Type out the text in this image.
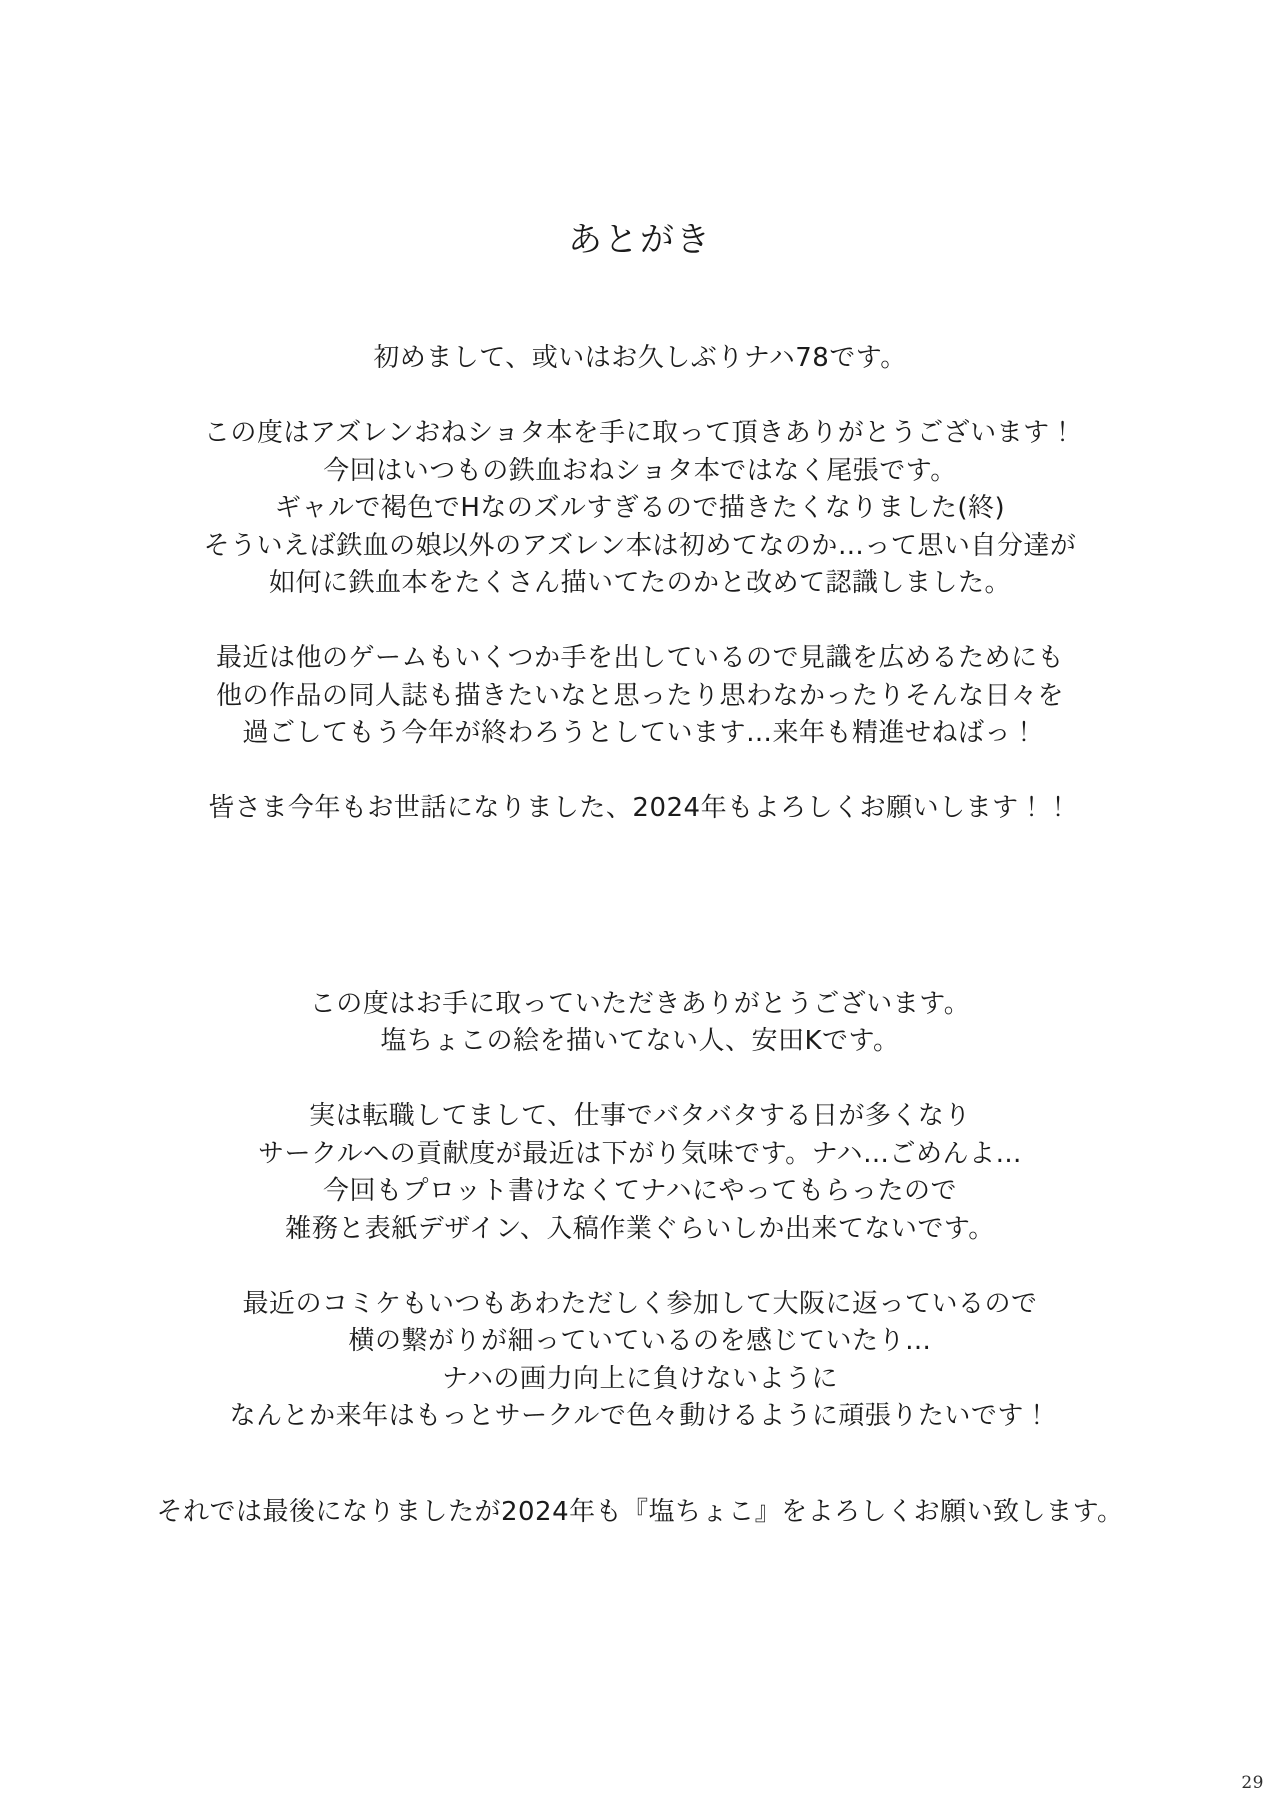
あとがき

初めまして、或いはお久しぶりナハ78です。

この度はアズレンおねショタ本を手に取って頂きありがとうございます！
今回はいつもの鉄血おねショタ本ではなく尾張です。
ギャルで褐色でHなのズルすぎるので描きたくなりました(終)
そういえば鉄血の娘以外のアズレン本は初めてなのか…って思い自分達が
如何に鉄血本をたくさん描いてたのかと改めて認識しました。

最近は他のゲームもいくつか手を出しているので見識を広めるためにも
他の作品の同人誌も描きたいなと思ったり思わなかったりそんな日々を
過ごしてもう今年が終わろうとしています…来年も精進せねばっ！

皆さま今年もお世話になりました、2024年もよろしくお願いします！！

この度はお手に取っていただきありがとうございます。
塩ちょこの絵を描いてない人、安田Kです。

実は転職してまして、仕事でバタバタする日が多くなり
サークルへの貢献度が最近は下がり気味です。ナハ…ごめんよ…
今回もプロット書けなくてナハにやってもらったので
雑務と表紙デザイン、入稿作業ぐらいしか出来てないです。

最近のコミケもいつもあわただしく参加して大阪に返っているので
横の繋がりが細っていているのを感じていたり…
ナハの画力向上に負けないように
なんとか来年はもっとサークルで色々動けるように頑張りたいです！

それでは最後になりましたが2024年も『塩ちょこ』をよろしくお願い致します。

29
